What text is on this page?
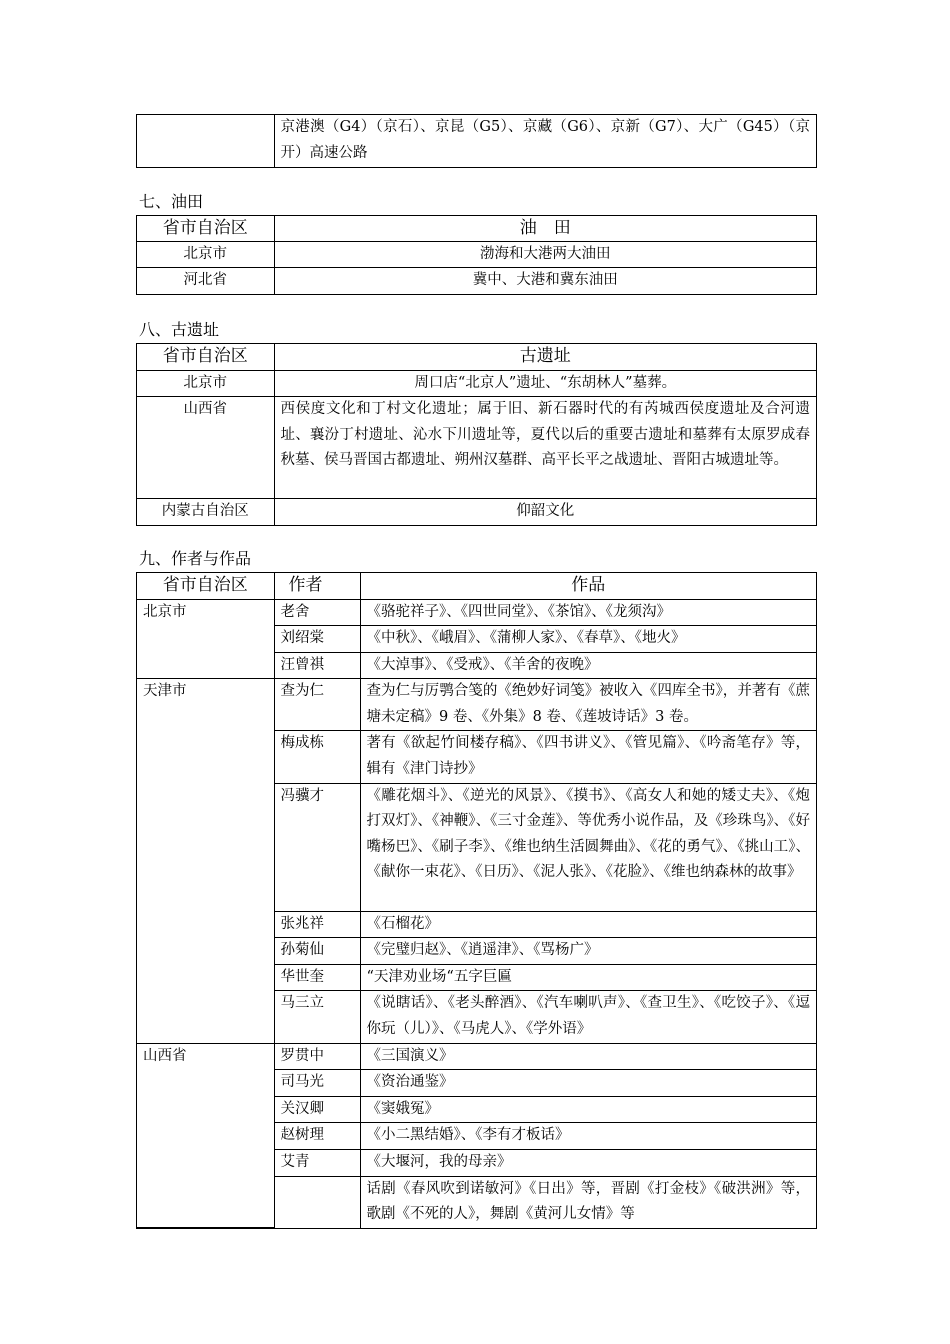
	京港澳（G4）（京石）、京昆（G5）、京藏（G6）、京新（G7）、大广（G45）（京开）高速公路
七、油田
省市自治区	油　田
北京市	渤海和大港两大油田
河北省	冀中、大港和冀东油田
八、古遗址
省市自治区	古遗址
北京市	周口店“北京人”遗址、“东胡林人”墓葬。
山西省	西侯度文化和丁村文化遗址；属于旧、新石器时代的有芮城西侯度遗址及合河遗址、襄汾丁村遗址、沁水下川遗址等，夏代以后的重要古遗址和墓葬有太原罗成春秋墓、侯马晋国古都遗址、朔州汉墓群、高平长平之战遗址、晋阳古城遗址等。
内蒙古自治区	仰韶文化
九、作者与作品
省市自治区	作者	作品
北京市	老舍	《骆驼祥子》、《四世同堂》、《茶馆》、《龙须沟》
	刘绍棠	《中秋》、《峨眉》、《蒲柳人家》、《春草》、《地火》
	汪曾祺	《大淖事》、《受戒》、《羊舍的夜晚》
天津市	查为仁	查为仁与厉鹗合笺的《绝妙好词笺》被收入《四库全书》，并著有《蔗塘未定稿》9 卷、《外集》8 卷、《莲坡诗话》3 卷。
	梅成栋	著有《欲起竹间楼存稿》、《四书讲义》、《管见篇》、《吟斋笔存》等，辑有《津门诗抄》
	冯骥才	《雕花烟斗》、《逆光的风景》、《摸书》、《高女人和她的矮丈夫》、《炮打双灯》、《神鞭》、《三寸金莲》、等优秀小说作品，及《珍珠鸟》、《好嘴杨巴》、《刷子李》、《维也纳生活圆舞曲》、《花的勇气》、《挑山工》、《献你一束花》、《日历》、《泥人张》、《花脸》、《维也纳森林的故事》
	张兆祥	《石榴花》
	孙菊仙	《完璧归赵》、《逍遥津》、《骂杨广》
	华世奎	“天津劝业场“五字巨匾
	马三立	《说瞎话》、《老头醉酒》、《汽车喇叭声》、《查卫生》、《吃饺子》、《逗你玩（儿）》、《马虎人》、《学外语》
山西省	罗贯中	《三国演义》
	司马光	《资治通鉴》
	关汉卿	《窦娥冤》
	赵树理	《小二黑结婚》、《李有才板话》
	艾青	《大堰河，我的母亲》
		话剧《春风吹到诺敏河》《日出》等，晋剧《打金枝》《破洪洲》等，歌剧《不死的人》，舞剧《黄河儿女情》等
